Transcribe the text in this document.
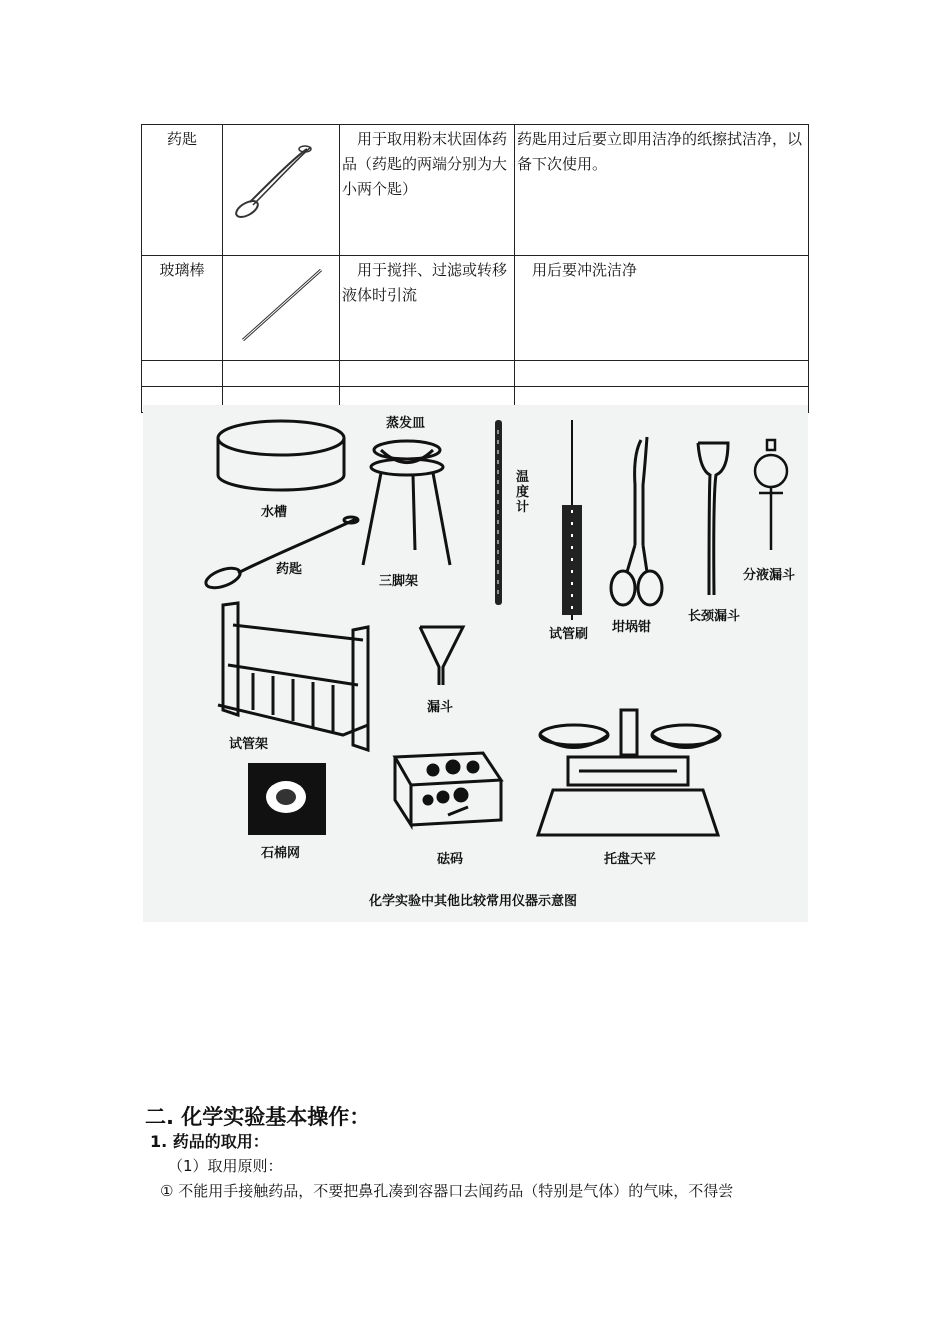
药匙		　用于取用粉末状固体药品（药匙的两端分别为大小两个匙）	药匙用过后要立即用洁净的纸擦拭洁净，以备下次使用。
玻璃棒		　用于搅拌、过滤或转移液体时引流	　用后要冲洗洁净

水槽
药匙
蒸发皿
三脚架
温度计
试管刷 坩埚钳
长颈漏斗
分液漏斗
试管架
漏斗
石棉网	砝码	托盘天平
化学实验中其他比较常用仪器示意图
二. 化学实验基本操作：
1. 药品的取用：
（1）取用原则：
① 不能用手接触药品，不要把鼻孔凑到容器口去闻药品（特别是气体）的气味，不得尝
